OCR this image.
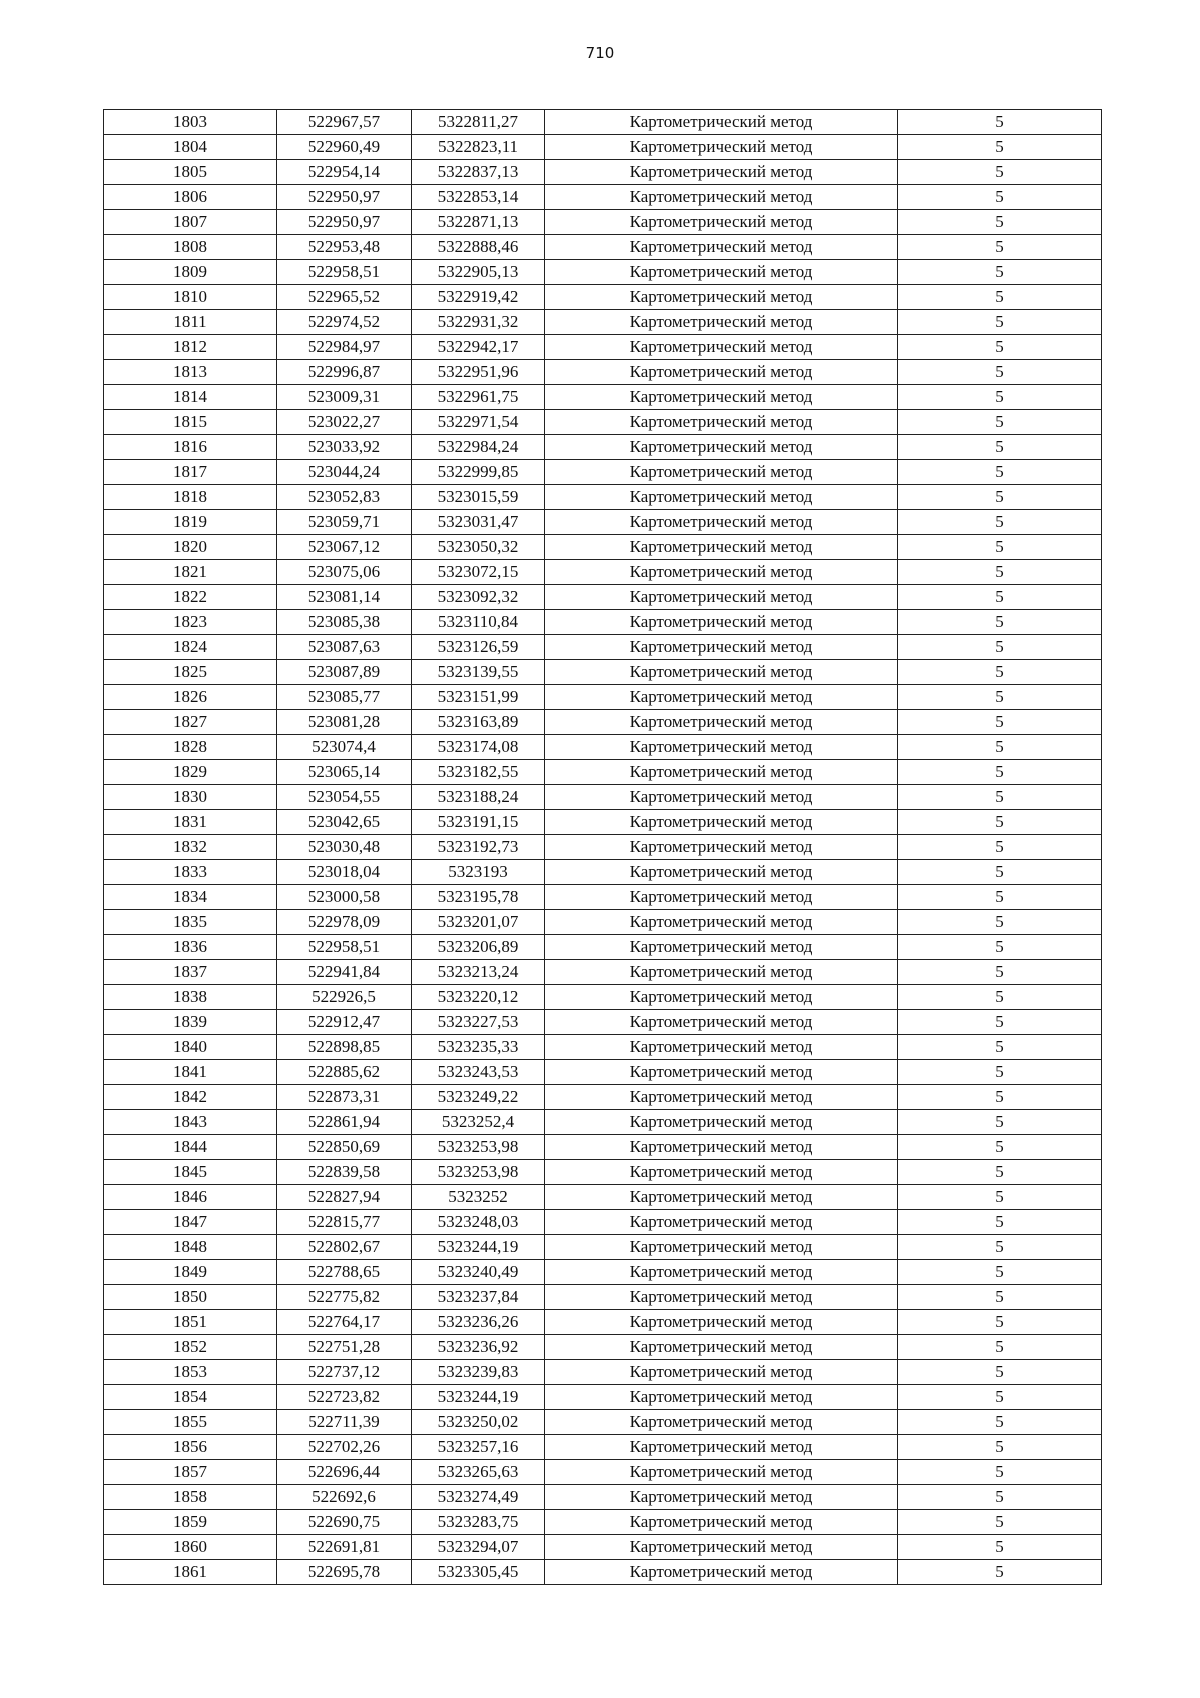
710
1803	522967,57	5322811,27	Картометрический метод	5
1804	522960,49	5322823,11	Картометрический метод	5
1805	522954,14	5322837,13	Картометрический метод	5
1806	522950,97	5322853,14	Картометрический метод	5
1807	522950,97	5322871,13	Картометрический метод	5
1808	522953,48	5322888,46	Картометрический метод	5
1809	522958,51	5322905,13	Картометрический метод	5
1810	522965,52	5322919,42	Картометрический метод	5
1811	522974,52	5322931,32	Картометрический метод	5
1812	522984,97	5322942,17	Картометрический метод	5
1813	522996,87	5322951,96	Картометрический метод	5
1814	523009,31	5322961,75	Картометрический метод	5
1815	523022,27	5322971,54	Картометрический метод	5
1816	523033,92	5322984,24	Картометрический метод	5
1817	523044,24	5322999,85	Картометрический метод	5
1818	523052,83	5323015,59	Картометрический метод	5
1819	523059,71	5323031,47	Картометрический метод	5
1820	523067,12	5323050,32	Картометрический метод	5
1821	523075,06	5323072,15	Картометрический метод	5
1822	523081,14	5323092,32	Картометрический метод	5
1823	523085,38	5323110,84	Картометрический метод	5
1824	523087,63	5323126,59	Картометрический метод	5
1825	523087,89	5323139,55	Картометрический метод	5
1826	523085,77	5323151,99	Картометрический метод	5
1827	523081,28	5323163,89	Картометрический метод	5
1828	523074,4	5323174,08	Картометрический метод	5
1829	523065,14	5323182,55	Картометрический метод	5
1830	523054,55	5323188,24	Картометрический метод	5
1831	523042,65	5323191,15	Картометрический метод	5
1832	523030,48	5323192,73	Картометрический метод	5
1833	523018,04	5323193	Картометрический метод	5
1834	523000,58	5323195,78	Картометрический метод	5
1835	522978,09	5323201,07	Картометрический метод	5
1836	522958,51	5323206,89	Картометрический метод	5
1837	522941,84	5323213,24	Картометрический метод	5
1838	522926,5	5323220,12	Картометрический метод	5
1839	522912,47	5323227,53	Картометрический метод	5
1840	522898,85	5323235,33	Картометрический метод	5
1841	522885,62	5323243,53	Картометрический метод	5
1842	522873,31	5323249,22	Картометрический метод	5
1843	522861,94	5323252,4	Картометрический метод	5
1844	522850,69	5323253,98	Картометрический метод	5
1845	522839,58	5323253,98	Картометрический метод	5
1846	522827,94	5323252	Картометрический метод	5
1847	522815,77	5323248,03	Картометрический метод	5
1848	522802,67	5323244,19	Картометрический метод	5
1849	522788,65	5323240,49	Картометрический метод	5
1850	522775,82	5323237,84	Картометрический метод	5
1851	522764,17	5323236,26	Картометрический метод	5
1852	522751,28	5323236,92	Картометрический метод	5
1853	522737,12	5323239,83	Картометрический метод	5
1854	522723,82	5323244,19	Картометрический метод	5
1855	522711,39	5323250,02	Картометрический метод	5
1856	522702,26	5323257,16	Картометрический метод	5
1857	522696,44	5323265,63	Картометрический метод	5
1858	522692,6	5323274,49	Картометрический метод	5
1859	522690,75	5323283,75	Картометрический метод	5
1860	522691,81	5323294,07	Картометрический метод	5
1861	522695,78	5323305,45	Картометрический метод	5
